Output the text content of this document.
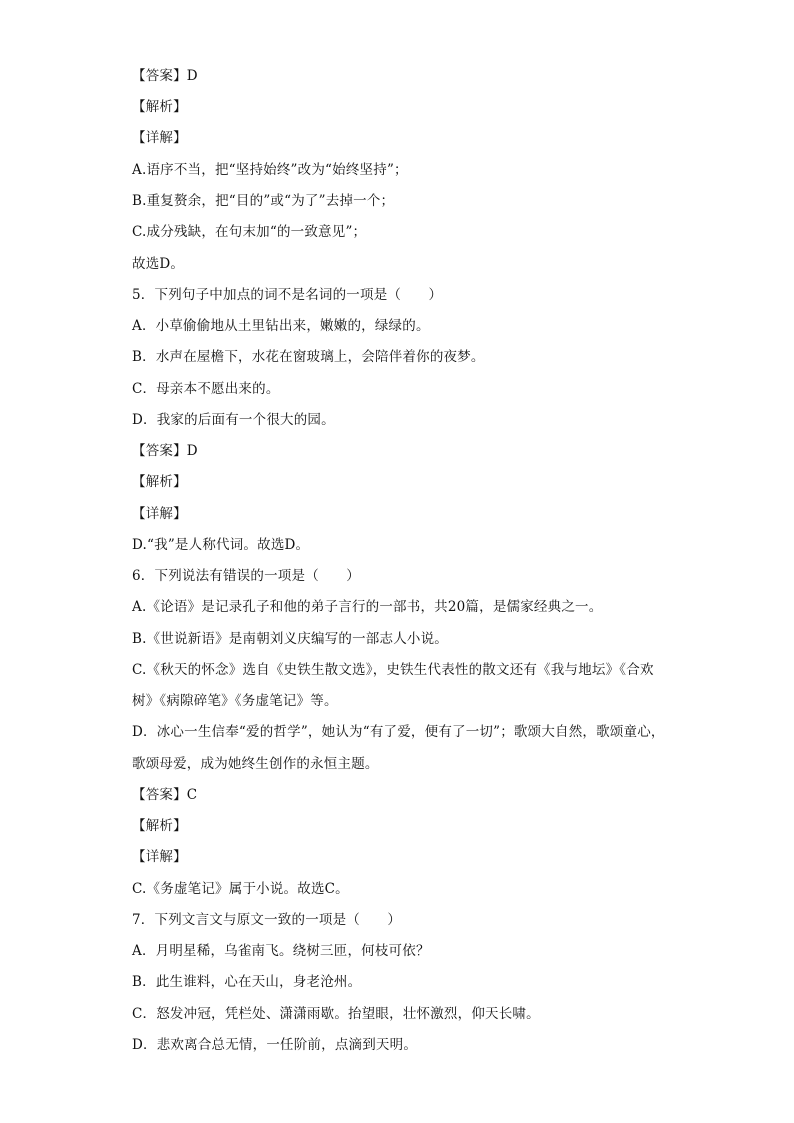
【答案】D
【解析】
【详解】
A.语序不当，把“坚持始终”改为“始终坚持”；
B.重复赘余，把“目的”或“为了”去掉一个；
C.成分残缺，在句末加“的一致意见”；
故选D。
5．下列句子中加点的词不是名词的一项是（　　）
A．小草偷偷地从土里钻出来，嫩嫩的，绿绿的。
B．水声在屋檐下，水花在窗玻璃上，会陪伴着你的夜梦。
C．母亲本不愿出来的。
D．我家的后面有一个很大的园。
【答案】D
【解析】
【详解】
D.“我”是人称代词。故选D。
6．下列说法有错误的一项是（　　）
A.《论语》是记录孔子和他的弟子言行的一部书，共20篇，是儒家经典之一。
B.《世说新语》是南朝刘义庆编写的一部志人小说。
C.《秋天的怀念》选自《史铁生散文选》，史铁生代表性的散文还有《我与地坛》《合欢
树》《病隙碎笔》《务虚笔记》等。
D．冰心一生信奉“爱的哲学”，她认为“有了爱，便有了一切”；歌颂大自然，歌颂童心，
歌颂母爱，成为她终生创作的永恒主题。
【答案】C
【解析】
【详解】
C.《务虚笔记》属于小说。故选C。
7．下列文言文与原文一致的一项是（　　）
A．月明星稀，乌雀南飞。绕树三匝，何枝可依？
B．此生谁料，心在天山，身老沧州。
C．怒发冲冠，凭栏处、潇潇雨歇。抬望眼，壮怀激烈，仰天长啸。
D．悲欢离合总无情，一任阶前，点滴到天明。
